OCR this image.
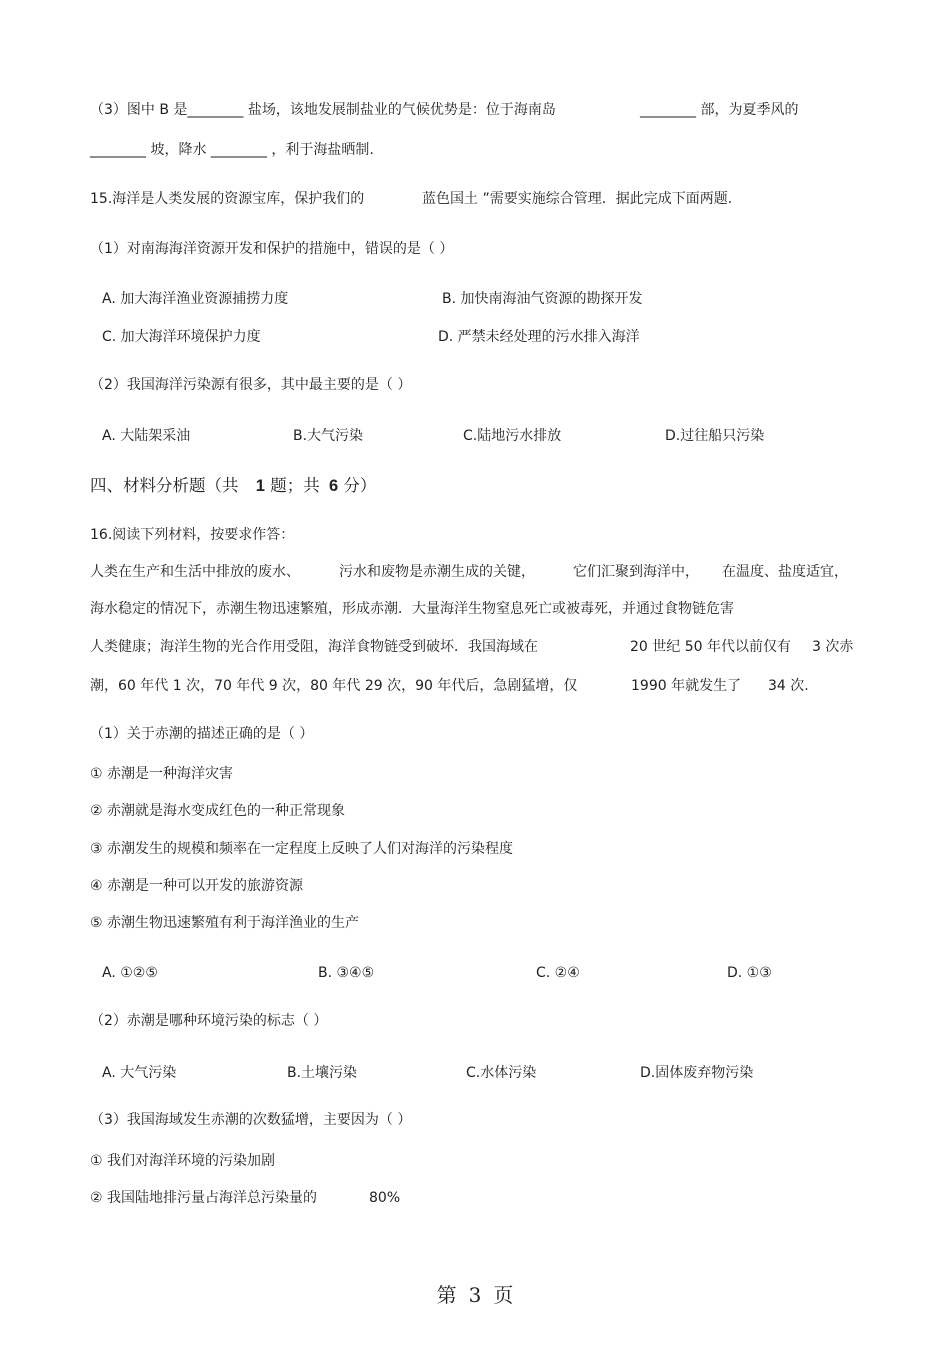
（3）图中 B 是________ 盐场，该地发展制盐业的气候优势是：位于海南岛	________ 部，为夏季风的
________ 坡，降水 ________ ，利于海盐晒制.
15.海洋是人类发展的资源宝库，保护我们的	蓝色国土 ”需要实施综合管理．据此完成下面两题.
（1）对南海海洋资源开发和保护的措施中，错误的是（ ）
A. 加大海洋渔业资源捕捞力度	B. 加快南海油气资源的勘探开发
C. 加大海洋环境保护力度	D. 严禁未经处理的污水排入海洋
（2）我国海洋污染源有很多，其中最主要的是（ ）
A. 大陆架采油	B.大气污染	C.陆地污水排放	D.过往船只污染
四、材料分析题（共 1 题；共 6 分）
16.阅读下列材料，按要求作答：
人类在生产和生活中排放的废水、	污水和废物是赤潮生成的关键，	它们汇聚到海洋中， 在温度、盐度适宜，
海水稳定的情况下，赤潮生物迅速繁殖，形成赤潮．大量海洋生物窒息死亡或被毒死，并通过食物链危害
人类健康；海洋生物的光合作用受阻，海洋食物链受到破坏．我国海域在	20 世纪 50 年代以前仅有 3 次赤
潮，60 年代 1 次，70 年代 9 次，80 年代 29 次，90 年代后，急剧猛增，仅	1990 年就发生了 34 次.
（1）关于赤潮的描述正确的是（ ）
① 赤潮是一种海洋灾害
② 赤潮就是海水变成红色的一种正常现象
③ 赤潮发生的规模和频率在一定程度上反映了人们对海洋的污染程度
④ 赤潮是一种可以开发的旅游资源
⑤ 赤潮生物迅速繁殖有利于海洋渔业的生产
A. ①②⑤	B. ③④⑤	C. ②④	D. ①③
（2）赤潮是哪种环境污染的标志（ ）
A. 大气污染	B.土壤污染	C.水体污染	D.固体废弃物污染
（3）我国海域发生赤潮的次数猛增，主要因为（ ）
① 我们对海洋环境的污染加剧
② 我国陆地排污量占海洋总污染量的	80%
第 3 页
